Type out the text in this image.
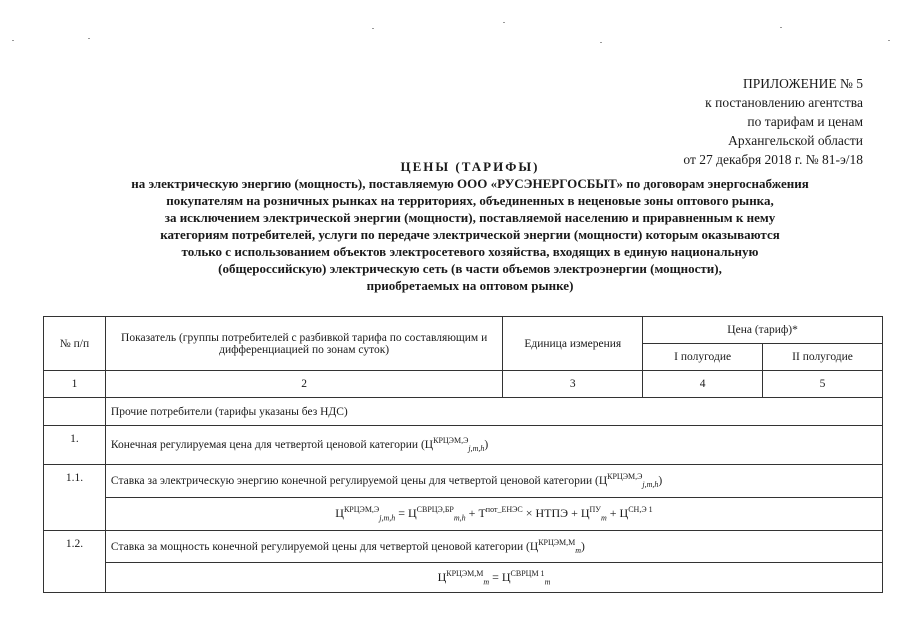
ПРИЛОЖЕНИЕ № 5
к постановлению агентства
по тарифам и ценам
Архангельской области
от 27 декабря 2018 г. № 81-э/18
ЦЕНЫ (ТАРИФЫ)
на электрическую энергию (мощность), поставляемую ООО «РУСЭНЕРГОСБЫТ» по договорам энергоснабжения
покупателям на розничных рынках на территориях, объединенных в неценовые зоны оптового рынка,
за исключением электрической энергии (мощности), поставляемой населению и приравненным к нему
категориям потребителей, услуги по передаче электрической энергии (мощности) которым оказываются
только с использованием объектов электросетевого хозяйства, входящих в единую национальную
(общероссийскую) электрическую сеть (в части объемов электроэнергии (мощности),
приобретаемых на оптовом рынке)
№ п/п	Показатель (группы потребителей с разбивкой тарифа по составляющим и дифференциацией по зонам суток)	Единица измерения	Цена (тариф)*	
			I полугодие	II полугодие
1	2	3	4	5
	Прочие потребители (тарифы указаны без НДС)			
1.	Конечная регулируемая цена для четвертой ценовой категории $(Ц^{КРЦЭМ,Э}_{j,m,h})$			
1.1.	Ставка за электрическую энергию конечной регулируемой цены для четвертой ценовой категории $(Ц^{КРЦЭМ,Э}_{j,m,h})$			
	$Ц^{КРЦЭМ,Э}_{j,m,h} = Ц^{СВРЦЭ,БР}_{m,h} + Т^{пот\_ЕНЭС}$ × НТПЭ + $Ц^{ПУ}_m + Ц^{СН,Э 1}$
1.2.	Ставка за мощность конечной регулируемой цены для четвертой ценовой категории $(Ц^{КРЦЭМ,М}_m)$			
	$Ц^{КРЦЭМ,М}_m = Ц^{СВРЦМ 1}_m$
